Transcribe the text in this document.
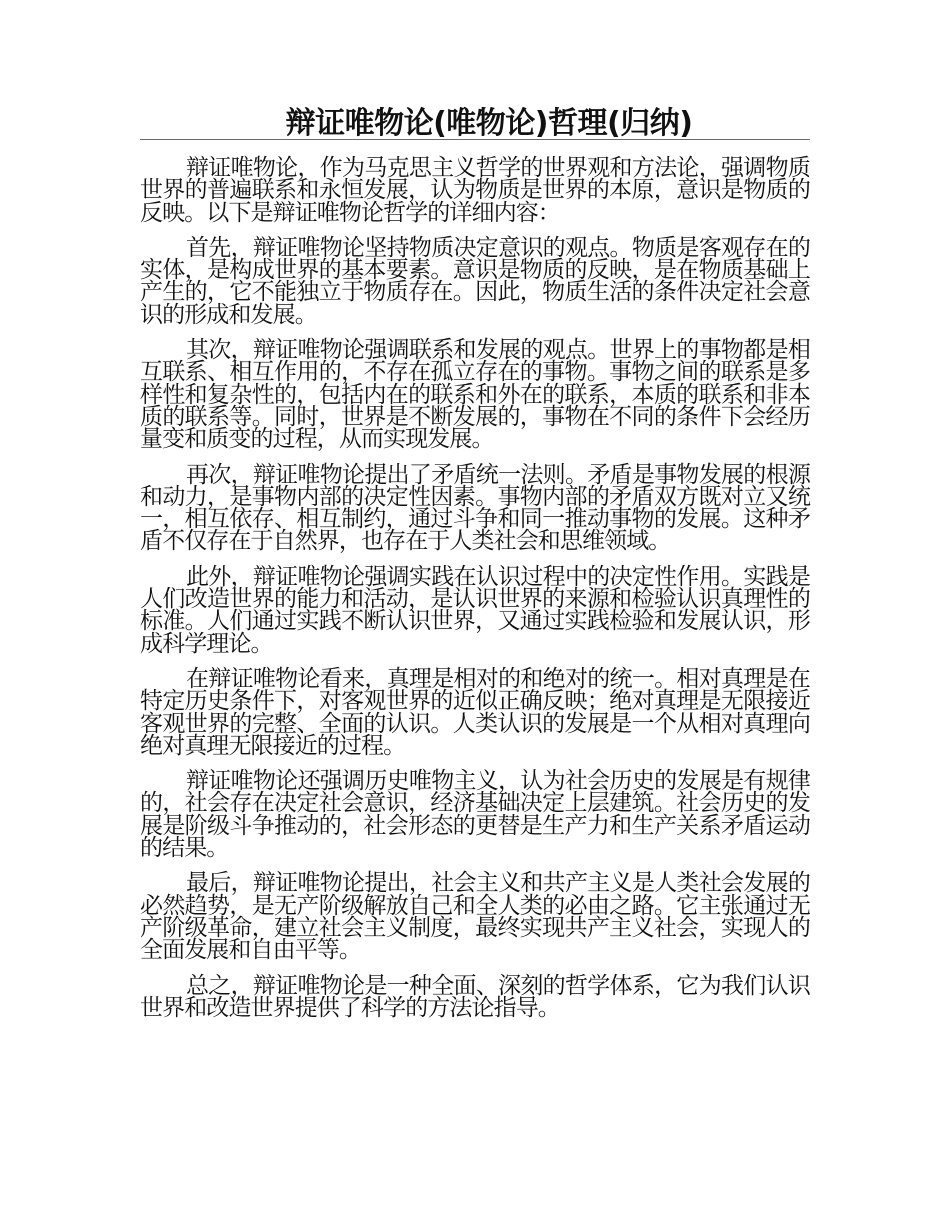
辩证唯物论(唯物论)哲理(归纳)

辩证唯物论，作为马克思主义哲学的世界观和方法论，强调物质世界的普遍联系和永恒发展，认为物质是世界的本原，意识是物质的反映。以下是辩证唯物论哲学的详细内容：

首先，辩证唯物论坚持物质决定意识的观点。物质是客观存在的实体，是构成世界的基本要素。意识是物质的反映，是在物质基础上产生的，它不能独立于物质存在。因此，物质生活的条件决定社会意识的形成和发展。

其次，辩证唯物论强调联系和发展的观点。世界上的事物都是相互联系、相互作用的，不存在孤立存在的事物。事物之间的联系是多样性和复杂性的，包括内在的联系和外在的联系，本质的联系和非本质的联系等。同时，世界是不断发展的，事物在不同的条件下会经历量变和质变的过程，从而实现发展。

再次，辩证唯物论提出了矛盾统一法则。矛盾是事物发展的根源和动力，是事物内部的决定性因素。事物内部的矛盾双方既对立又统一，相互依存、相互制约，通过斗争和同一推动事物的发展。这种矛盾不仅存在于自然界，也存在于人类社会和思维领域。

此外，辩证唯物论强调实践在认识过程中的决定性作用。实践是人们改造世界的能力和活动，是认识世界的来源和检验认识真理性的标准。人们通过实践不断认识世界，又通过实践检验和发展认识，形成科学理论。

在辩证唯物论看来，真理是相对的和绝对的统一。相对真理是在特定历史条件下，对客观世界的近似正确反映；绝对真理是无限接近客观世界的完整、全面的认识。人类认识的发展是一个从相对真理向绝对真理无限接近的过程。

辩证唯物论还强调历史唯物主义，认为社会历史的发展是有规律的，社会存在决定社会意识，经济基础决定上层建筑。社会历史的发展是阶级斗争推动的，社会形态的更替是生产力和生产关系矛盾运动的结果。

最后，辩证唯物论提出，社会主义和共产主义是人类社会发展的必然趋势，是无产阶级解放自己和全人类的必由之路。它主张通过无产阶级革命，建立社会主义制度，最终实现共产主义社会，实现人的全面发展和自由平等。

总之，辩证唯物论是一种全面、深刻的哲学体系，它为我们认识世界和改造世界提供了科学的方法论指导。
